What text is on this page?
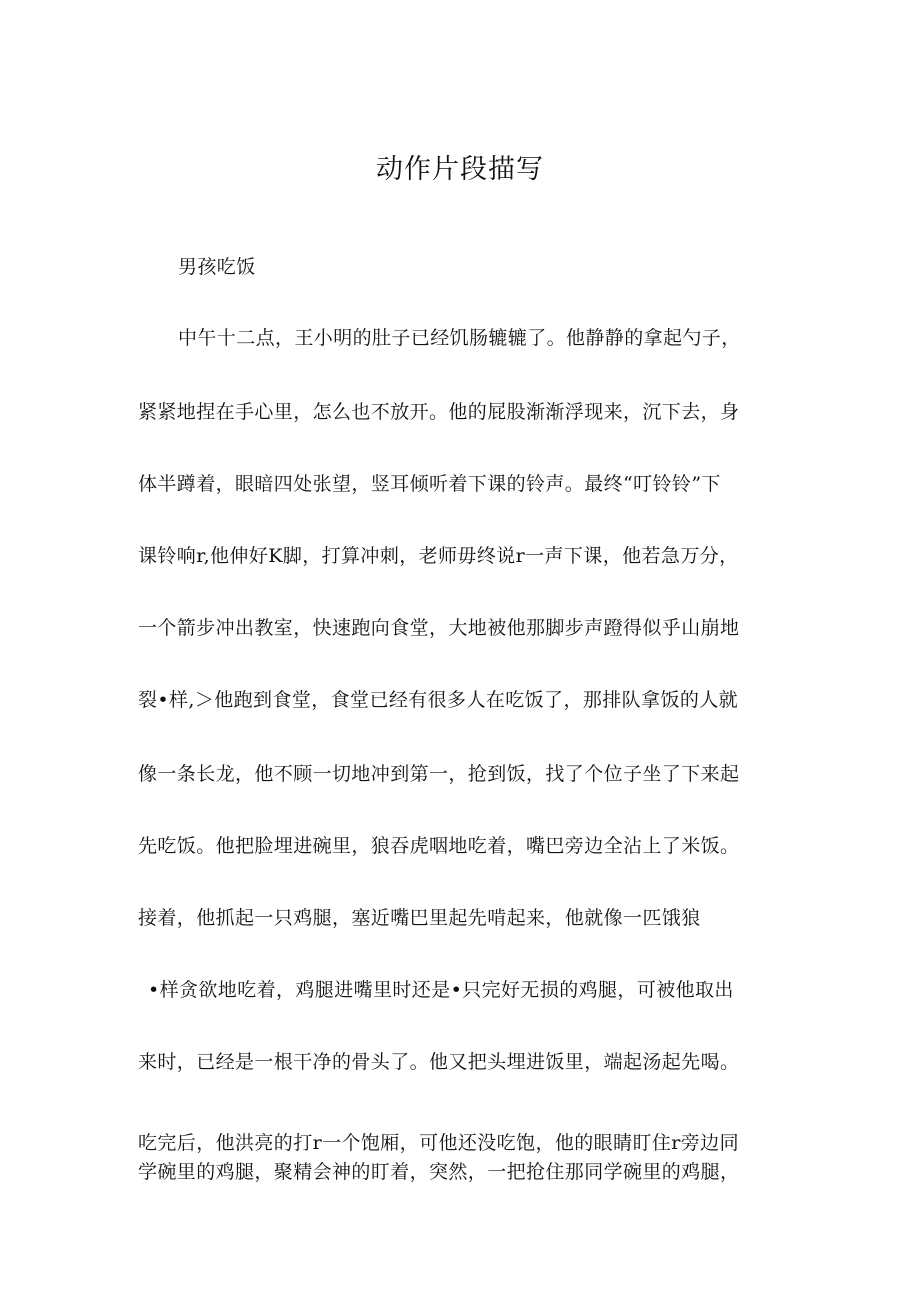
动作片段描写
男孩吃饭
中午十二点，王小明的肚子已经饥肠辘辘了。他静静的拿起勺子，
紧紧地捏在手心里，怎么也不放开。他的屁股渐渐浮现来，沉下去，身
体半蹲着，眼暗四处张望，竖耳倾听着下课的铃声。最终“叮铃铃”下
课铃响r,他伸好K脚，打算冲刺，老师毋终说r一声下课，他若急万分，
一个箭步冲出教室，快速跑向食堂，大地被他那脚步声蹬得似乎山崩地
裂•样,＞他跑到食堂，食堂已经有很多人在吃饭了，那排队拿饭的人就
像一条长龙，他不顾一切地冲到第一，抢到饭，找了个位子坐了下来起
先吃饭。他把脸埋进碗里，狼吞虎咽地吃着，嘴巴旁边全沾上了米饭。
接着，他抓起一只鸡腿，塞近嘴巴里起先啃起来，他就像一匹饿狼
•样贪欲地吃着，鸡腿进嘴里时还是•只完好无损的鸡腿，可被他取出
来时，已经是一根干净的骨头了。他又把头埋进饭里，端起汤起先喝。
吃完后，他洪亮的打r一个饱厢，可他还没吃饱，他的眼睛盯住r旁边同
学碗里的鸡腿，聚精会神的盯着，突然，一把抢住那同学碗里的鸡腿，
